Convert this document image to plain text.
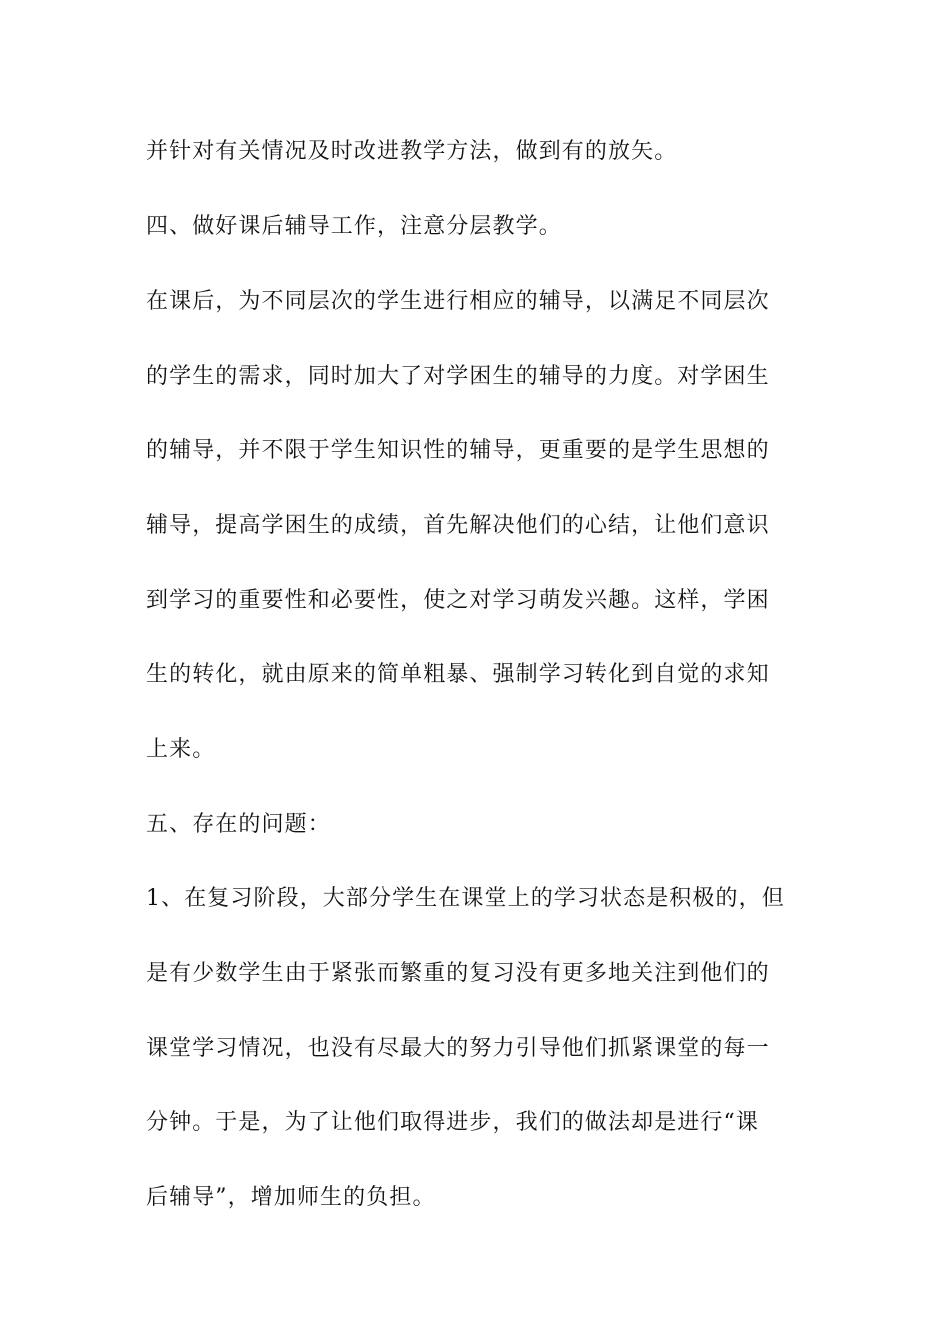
并针对有关情况及时改进教学方法，做到有的放矢。
四、做好课后辅导工作，注意分层教学。
在课后，为不同层次的学生进行相应的辅导，以满足不同层次
的学生的需求，同时加大了对学困生的辅导的力度。对学困生
的辅导，并不限于学生知识性的辅导，更重要的是学生思想的
辅导，提高学困生的成绩，首先解决他们的心结，让他们意识
到学习的重要性和必要性，使之对学习萌发兴趣。这样，学困
生的转化，就由原来的简单粗暴、强制学习转化到自觉的求知
上来。
五、存在的问题：
1、在复习阶段，大部分学生在课堂上的学习状态是积极的，但
是有少数学生由于紧张而繁重的复习没有更多地关注到他们的
课堂学习情况，也没有尽最大的努力引导他们抓紧课堂的每一
分钟。于是，为了让他们取得进步，我们的做法却是进行“课
后辅导”，增加师生的负担。
